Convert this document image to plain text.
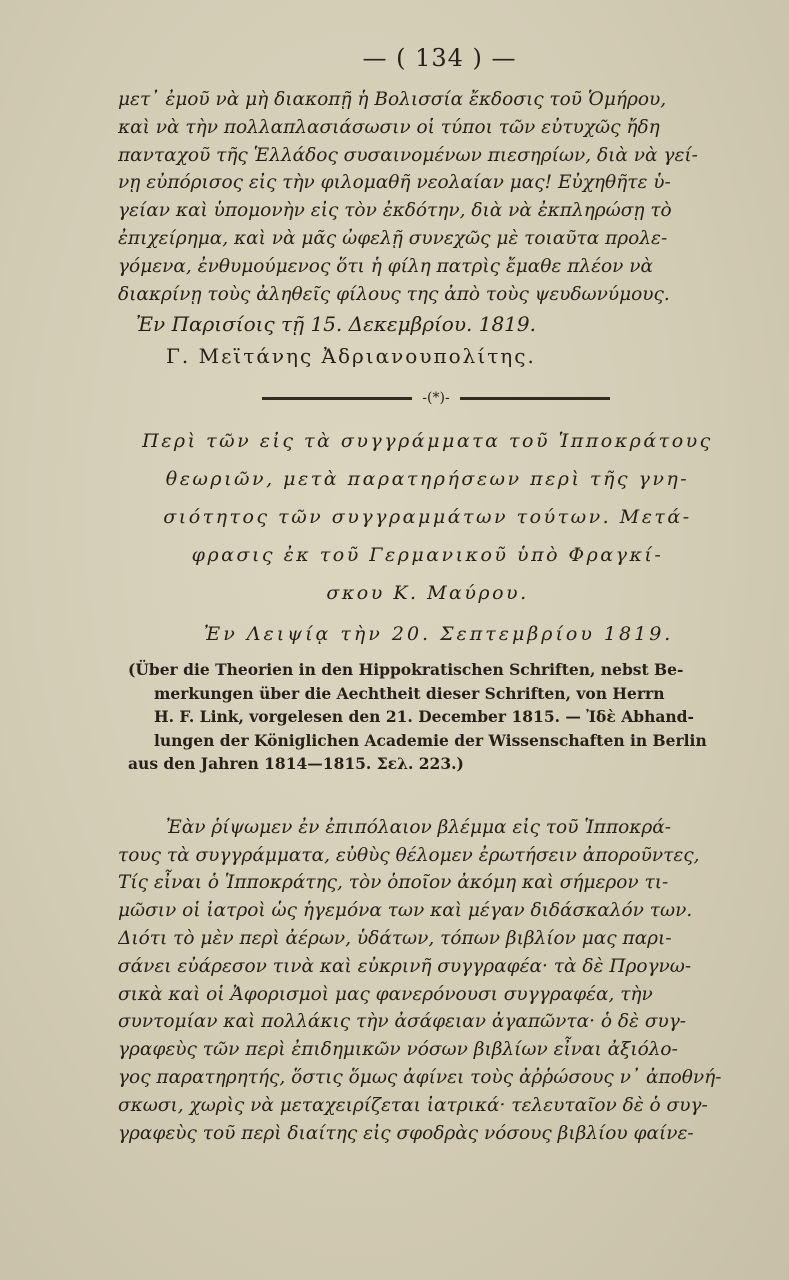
— ( 134 ) —
μετ᾿ ἐμοῦ νὰ μὴ διακοπῇ ἡ Βολισσία ἔκδοσις τοῦ Ὁμήρου,
καὶ νὰ τὴν πολλαπλασιάσωσιν οἱ τύποι τῶν εὐτυχῶς ἤδη
πανταχοῦ τῆς Ἑλλάδος συσαινομένων πιεσηρίων, διὰ νὰ γεί-
νῃ εὐπόρισος εἰς τὴν φιλομαθῆ νεολαίαν μας! Εὐχηθῆτε ὑ-
γείαν καὶ ὑπομονὴν εἰς τὸν ἐκδότην, διὰ νὰ ἐκπληρώσῃ τὸ
ἐπιχείρημα, καὶ νὰ μᾶς ὠφελῇ συνεχῶς μὲ τοιαῦτα προλε-
γόμενα, ἐνθυμούμενος ὅτι ἡ φίλη πατρὶς ἔμαθε πλέον νὰ
διακρίνῃ τοὺς ἀληθεῖς φίλους της ἀπὸ τοὺς ψευδωνύμους.
Ἐν Παρισίοις τῇ 15. Δεκεμβρίου. 1819.
Γ. Μεϊτάνης Ἀδριανουπολίτης.
-(*)-
Περὶ τῶν εἰς τὰ συγγράμματα τοῦ Ἱπποκράτους
θεωριῶν, μετὰ παρατηρήσεων περὶ τῆς γνη-
σιότητος τῶν συγγραμμάτων τούτων. Μετά-
φρασις ἐκ τοῦ Γερμανικοῦ ὑπὸ Φραγκί-
σκου Κ. Μαύρου.
Ἐν Λειψίᾳ τὴν 20. Σεπτεμβρίου 1819.
(Über die Theorien in den Hippokratischen Schriften, nebst Be-
merkungen über die Aechtheit dieser Schriften, von Herrn
H. F. Link, vorgelesen den 21. December 1815. — Ἰδὲ Abhand-
lungen der Königlichen Academie der Wissenschaften in Berlin
aus den Jahren 1814—1815. Σελ. 223.)
Ἐὰν ῥίψωμεν ἐν ἐπιπόλαιον βλέμμα εἰς τοῦ Ἱπποκρά-
τους τὰ συγγράμματα, εὐθὺς θέλομεν ἐρωτήσειν ἀποροῦντες,
Τίς εἶναι ὁ Ἱπποκράτης, τὸν ὁποῖον ἀκόμη καὶ σήμερον τι-
μῶσιν οἱ ἰατροὶ ὡς ἡγεμόνα των καὶ μέγαν διδάσκαλόν των.
Διότι τὸ μὲν περὶ ἀέρων, ὑδάτων, τόπων βιβλίον μας παρι-
σάνει εὐάρεσον τινὰ καὶ εὐκρινῆ συγγραφέα· τὰ δὲ Προγνω-
σικὰ καὶ οἱ Ἀφορισμοὶ μας φανερόνουσι συγγραφέα, τὴν
συντομίαν καὶ πολλάκις τὴν ἀσάφειαν ἀγαπῶντα· ὁ δὲ συγ-
γραφεὺς τῶν περὶ ἐπιδημικῶν νόσων βιβλίων εἶναι ἀξιόλο-
γος παρατηρητής, ὅστις ὅμως ἀφίνει τοὺς ἀῤῥώσους ν᾿ ἀποθνή-
σκωσι, χωρὶς νὰ μεταχειρίζεται ἰατρικά· τελευταῖον δὲ ὁ συγ-
γραφεὺς τοῦ περὶ διαίτης εἰς σφοδρὰς νόσους βιβλίου φαίνε-
